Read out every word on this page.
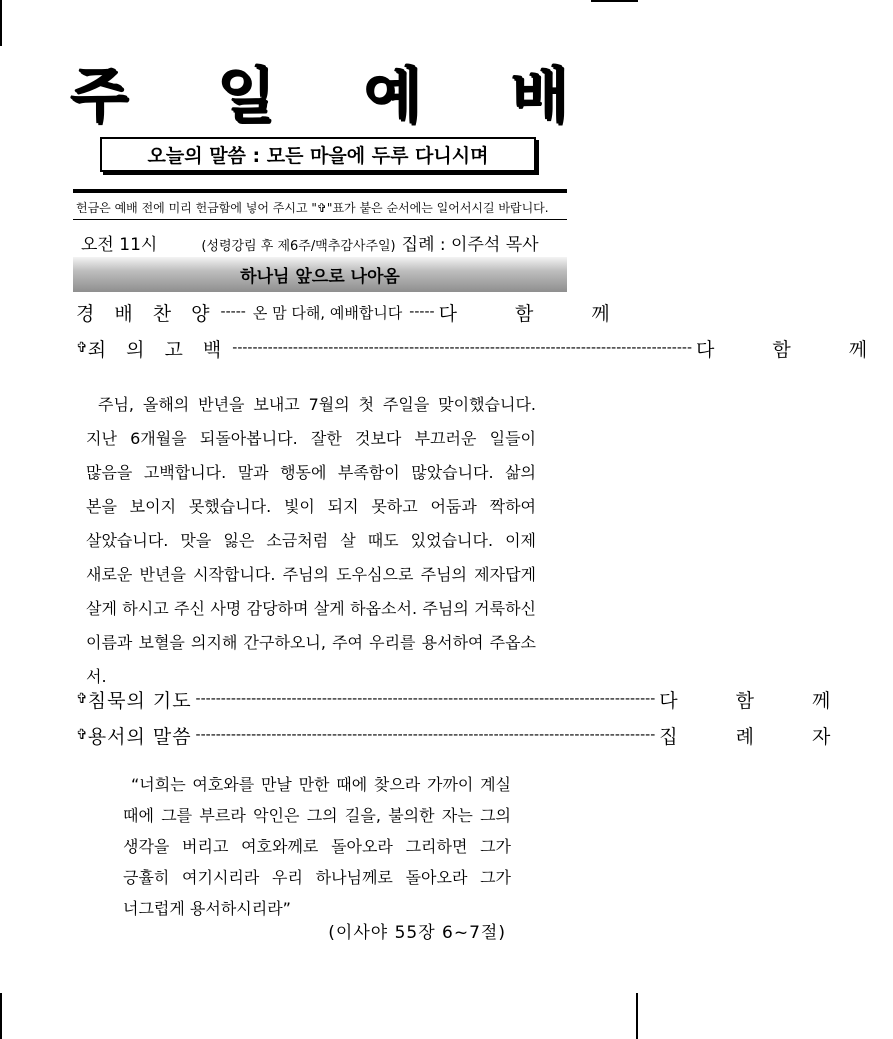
주 일 예 배
오늘의 말씀 : 모든 마을에 두루 다니시며
헌금은 예배 전에 미리 헌금함에 넣어 주시고 "✞"표가 붙은 순서에는 일어서시길 바랍니다.
오전 11시	(성령강림 후 제6주/맥추감사주일) 집례 : 이주석 목사
하나님 앞으로 나아옴
경 배 찬 양 ----- 온 맘 다해, 예배합니다 ----- 다 함 께
✞ 죄 의 고 백 ------------------------------------------------------------------------------------------- 다 함 께

주님, 올해의 반년을 보내고 7월의 첫 주일을 맞이했습니다.

지난 6개월을 되돌아봅니다. 잘한 것보다 부끄러운 일들이

많음을 고백합니다. 말과 행동에 부족함이 많았습니다. 삶의

본을 보이지 못했습니다. 빛이 되지 못하고 어둠과 짝하여

살았습니다. 맛을 잃은 소금처럼 살 때도 있었습니다. 이제

새로운 반년을 시작합니다. 주님의 도우심으로 주님의 제자답게

살게 하시고 주신 사명 감당하며 살게 하옵소서. 주님의 거룩하신

이름과 보혈을 의지해 간구하오니, 주여 우리를 용서하여 주옵소서.

✞ 침묵의 기도 ------------------------------------------------------------------------------------------- 다 함 께
✞ 용서의 말씀 ------------------------------------------------------------------------------------------- 집 례 자

“너희는 여호와를 만날 만한 때에 찾으라 가까이 계실

때에 그를 부르라 악인은 그의 길을, 불의한 자는 그의

생각을 버리고 여호와께로 돌아오라 그리하면 그가

긍휼히 여기시리라 우리 하나님께로 돌아오라 그가

너그럽게 용서하시리라”

(이사야 55장 6~7절)
